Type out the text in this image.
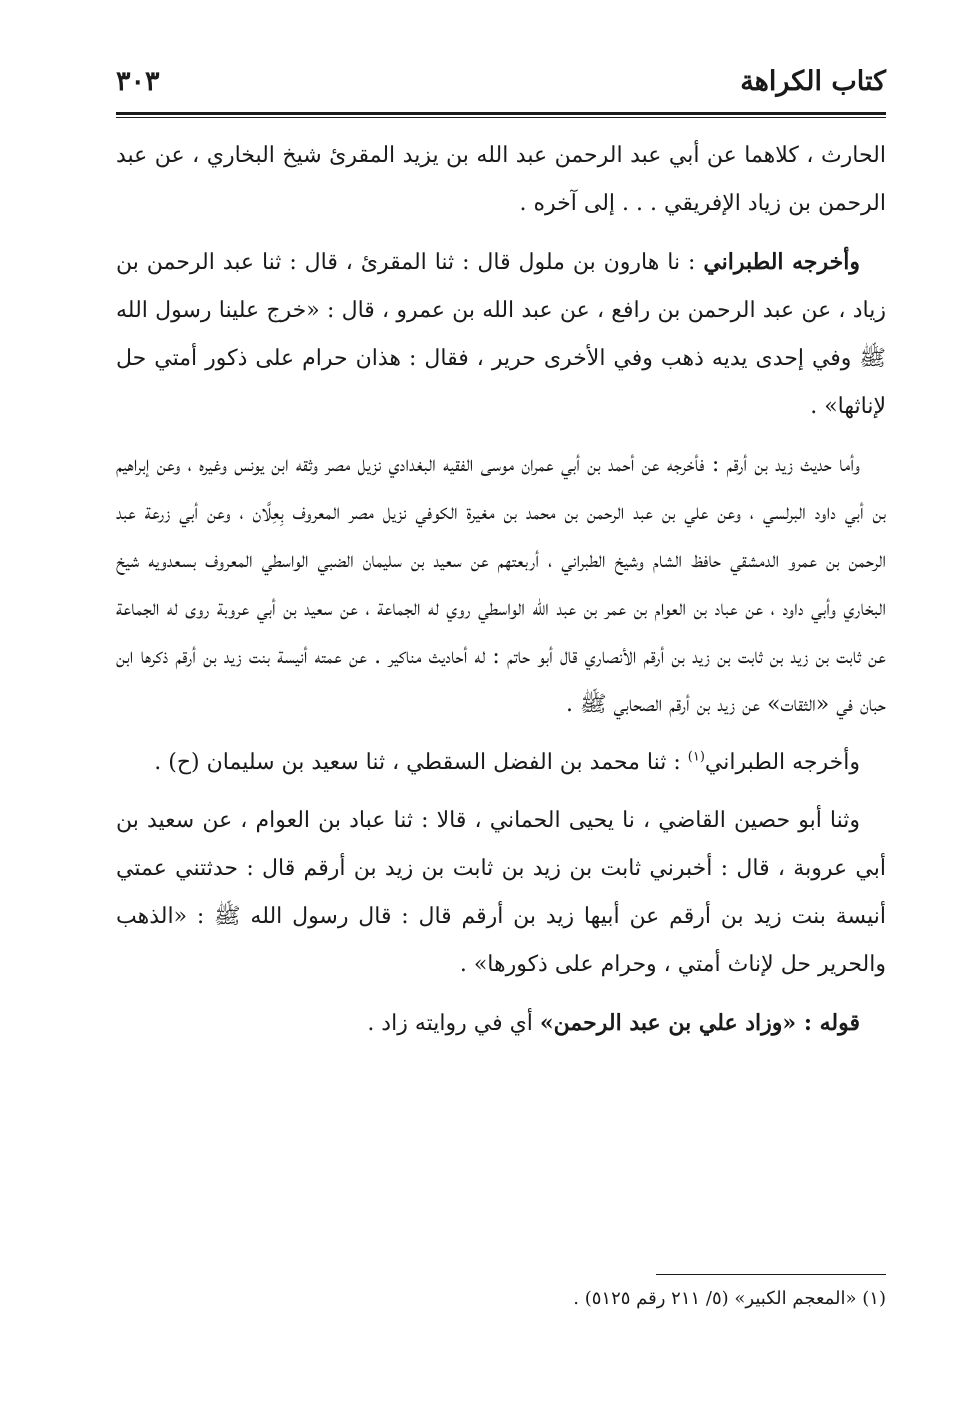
كتاب الكراهة
٣٠٣

الحارث ، كلاهما عن أبي عبد الرحمن عبد الله بن يزيد المقرئ شيخ البخاري ، عن عبد الرحمن بن زياد الإفريقي . . . إلى آخره .

وأخرجه الطبراني : نا هارون بن ملول قال : ثنا المقرئ ، قال : ثنا عبد الرحمن بن زياد ، عن عبد الرحمن بن رافع ، عن عبد الله بن عمرو ، قال : «خرج علينا رسول الله ﷺ وفي إحدى يديه ذهب وفي الأخرى حرير ، فقال : هذان حرام على ذكور أمتي حل لإناثها» .

وأما حديث زيد بن أرقم : فأخرجه عن أحمد بن أبي عمران موسى الفقيه البغدادي نزيل مصر وثقه ابن يونس وغيره ، وعن إبراهيم بن أبي داود البرلسي ، وعن علي بن عبد الرحمن بن محمد بن مغيرة الكوفي نزيل مصر المعروف بِعِلَّان ، وعن أبي زرعة عبد الرحمن بن عمرو الدمشقي حافظ الشام وشيخ الطبراني ، أربعتهم عن سعيد بن سليمان الضبي الواسطي المعروف بسعدويه شيخ البخاري وأبي داود ، عن عباد بن العوام بن عمر بن عبد الله الواسطي روي له الجماعة ، عن سعيد بن أبي عروبة روى له الجماعة عن ثابت بن زيد بن ثابت بن زيد بن أرقم الأنصاري قال أبو حاتم : له أحاديث مناكير . عن عمته أنيسة بنت زيد بن أرقم ذكرها ابن حبان في «الثقات» عن زيد بن أرقم الصحابي ﷺ .

وأخرجه الطبراني$^{(١)}$ : ثنا محمد بن الفضل السقطي ، ثنا سعيد بن سليمان (ح) .

وثنا أبو حصين القاضي ، نا يحيى الحماني ، قالا : ثنا عباد بن العوام ، عن سعيد بن أبي عروبة ، قال : أخبرني ثابت بن زيد بن ثابت بن زيد بن أرقم قال : حدثتني عمتي أنيسة بنت زيد بن أرقم عن أبيها زيد بن أرقم قال : قال رسول الله ﷺ : «الذهب والحرير حل لإناث أمتي ، وحرام على ذكورها» .

قوله : «وزاد علي بن عبد الرحمن» أي في روايته زاد .

(١) «المعجم الكبير» (٥/ ٢١١ رقم ٥١٢٥) .
